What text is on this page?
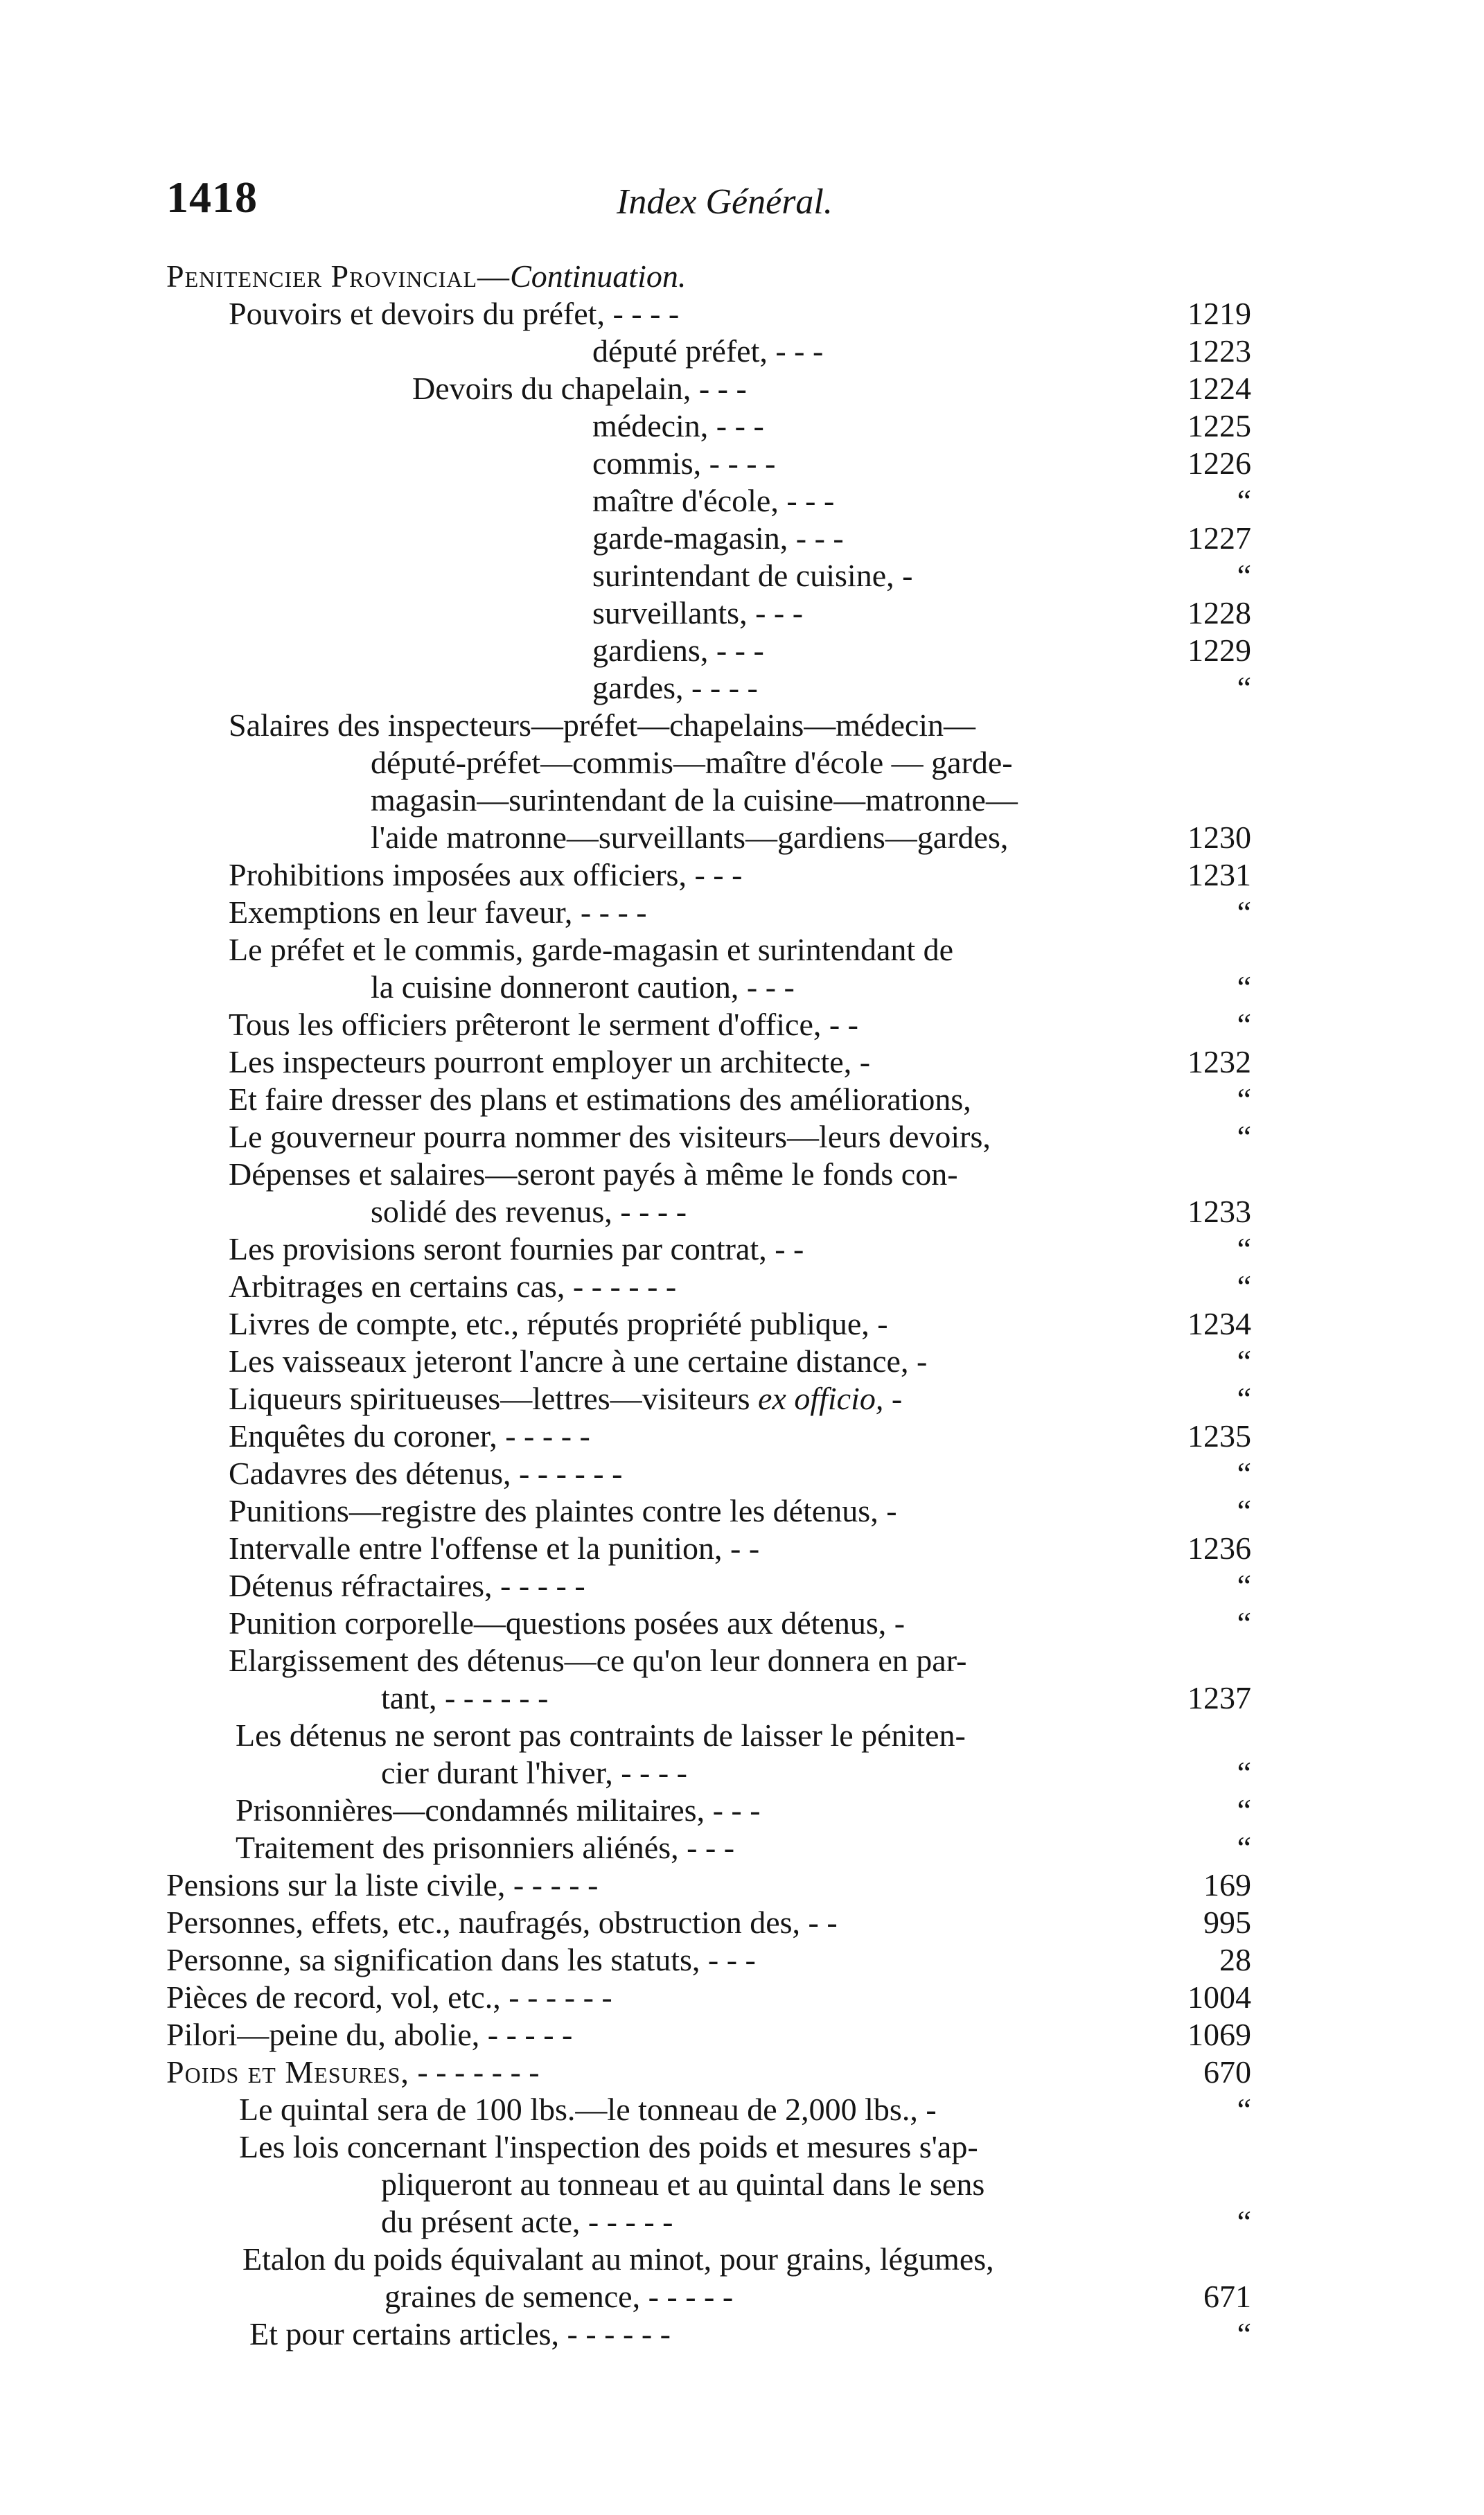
1418	Index Général.
Penitencier Provincial—Continuation.
Pouvoirs et devoirs du préfet, - - - -	1219
député préfet, - - -	1223
Devoirs du chapelain, - - -	1224
médecin, - - -	1225
commis, - - - -	1226
maître d'école, - - -	“
garde-magasin, - - -	1227
surintendant de cuisine, -	“
surveillants, - - -	1228
gardiens, - - -	1229
gardes, - - - -	“
Salaires des inspecteurs—préfet—chapelains—médecin—
député-préfet—commis—maître d'école — garde-
magasin—surintendant de la cuisine—matronne—
l'aide matronne—surveillants—gardiens—gardes,	1230
Prohibitions imposées aux officiers, - - -	1231
Exemptions en leur faveur, - - - -	“
Le préfet et le commis, garde-magasin et surintendant de
la cuisine donneront caution, - - -	“
Tous les officiers prêteront le serment d'office, - -	“
Les inspecteurs pourront employer un architecte, -	1232
Et faire dresser des plans et estimations des améliorations,	“
Le gouverneur pourra nommer des visiteurs—leurs devoirs,	“
Dépenses et salaires—seront payés à même le fonds con-
solidé des revenus, - - - -	1233
Les provisions seront fournies par contrat, - -	“
Arbitrages en certains cas, - - - - - -	“
Livres de compte, etc., réputés propriété publique, -	1234
Les vaisseaux jeteront l'ancre à une certaine distance, -	“
Liqueurs spiritueuses—lettres—visiteurs ex officio, -	“
Enquêtes du coroner, - - - - -	1235
Cadavres des détenus, - - - - - -	“
Punitions—registre des plaintes contre les détenus, -	“
Intervalle entre l'offense et la punition, - -	1236
Détenus réfractaires, - - - - -	“
Punition corporelle—questions posées aux détenus, -	“
Elargissement des détenus—ce qu'on leur donnera en par-
tant, - - - - - -	1237
Les détenus ne seront pas contraints de laisser le péniten-
cier durant l'hiver, - - - -	“
Prisonnières—condamnés militaires, - - -	“
Traitement des prisonniers aliénés, - - -	“
Pensions sur la liste civile, - - - - -	169
Personnes, effets, etc., naufragés, obstruction des, - -	995
Personne, sa signification dans les statuts, - - -	28
Pièces de record, vol, etc., - - - - - -	1004
Pilori—peine du, abolie, - - - - -	1069
Poids et Mesures, - - - - - - -	670
Le quintal sera de 100 lbs.—le tonneau de 2,000 lbs., -	“
Les lois concernant l'inspection des poids et mesures s'ap-
pliqueront au tonneau et au quintal dans le sens
du présent acte, - - - - -	“
Etalon du poids équivalant au minot, pour grains, légumes,
graines de semence, - - - - -	671
Et pour certains articles, - - - - - -	“
